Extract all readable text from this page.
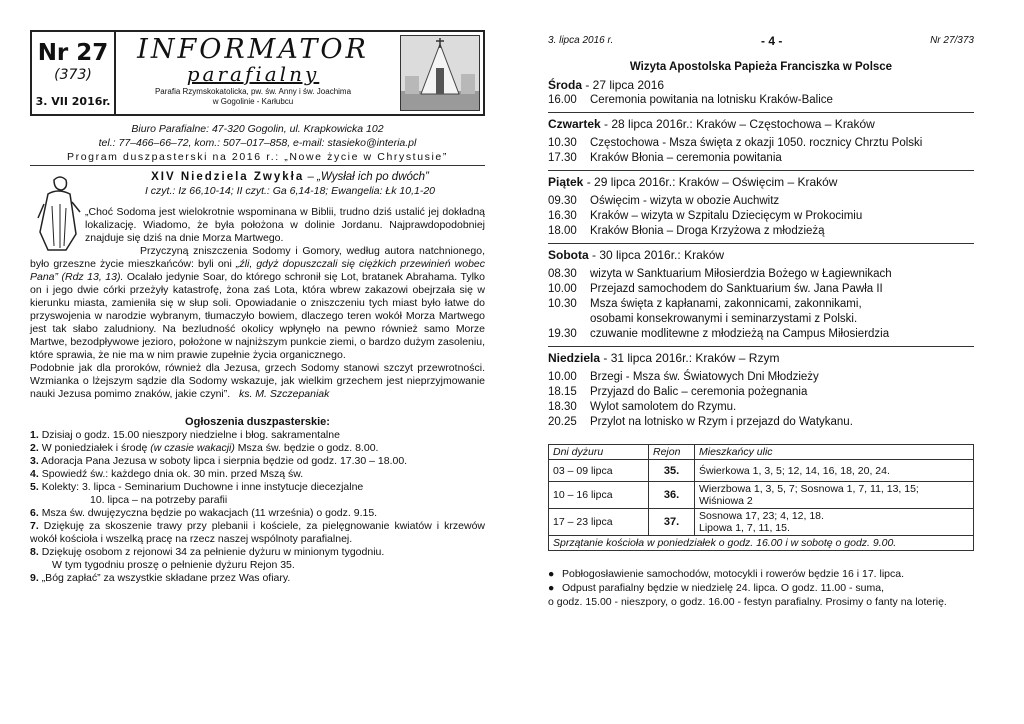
Nr 27
(373)
3. VII 2016r.
INFORMATOR
parafialny
Parafia Rzymskokatolicka, pw. św. Anny i św. Joachima
w Gogolinie - Karłubcu
Biuro Parafialne: 47-320 Gogolin, ul. Krapkowicka 102
tel.: 77–466–66–72, kom.: 507–017–858, e-mail: stasieko@interia.pl
Program duszpasterski na 2016 r.: „Nowe życie w Chrystusie”
XIV Niedziela Zwykła – „Wysłał ich po dwóch”
I czyt.: Iz 66,10-14; II czyt.: Ga 6,14-18; Ewangelia: Łk 10,1-20

„Choć Sodoma jest wielokrotnie wspominana w Biblii, trudno dziś ustalić jej dokładną lokalizację. Wiadomo, że była położona w dolinie Jordanu. Najprawdopodobniej znajduje się dziś na dnie Morza Martwego.

Przyczyną zniszczenia Sodomy i Gomory, według autora natchnionego, było grzeszne życie mieszkańców: byli oni „źli, gdyż dopuszczali się ciężkich przewinień wobec Pana” (Rdz 13, 13). Ocalało jedynie Soar, do którego schronił się Lot, bratanek Abrahama. Tylko on i jego dwie córki przeżyły katastrofę, żona zaś Lota, która wbrew zakazowi obejrzała się w kierunku miasta, zamieniła się w słup soli. Opowiadanie o zniszczeniu tych miast było łatwe do przyswojenia w narodzie wybranym, tłumaczyło bowiem, dlaczego teren wokół Morza Martwego jest tak słabo zaludniony. Na bezludność okolicy wpłynęło na pewno również samo Morze Martwe, bezodpływowe jezioro, położone w najniższym punkcie ziemi, o bardzo dużym zasoleniu, które sprawia, że nie ma w nim prawie zupełnie życia organicznego.

Podobnie jak dla proroków, również dla Jezusa, grzech Sodomy stanowi szczyt przewrotności. Wzmianka o lżejszym sądzie dla Sodomy wskazuje, jak wielkim grzechem jest nieprzyjmowanie nauki Jezusa pomimo znaków, jakie czyni”. ks. M. Szczepaniak

Ogłoszenia duszpasterskie:
1. Dzisiaj o godz. 15.00 nieszpory niedzielne i błog. sakramentalne
2. W poniedziałek i środę (w czasie wakacji) Msza św. będzie o godz. 8.00.
3. Adoracja Pana Jezusa w soboty lipca i sierpnia będzie od godz. 17.30 – 18.00.
4. Spowiedź św.: każdego dnia ok. 30 min. przed Mszą św.
5. Kolekty: 3. lipca - Seminarium Duchowne i inne instytucje diecezjalne
10. lipca – na potrzeby parafii
6. Msza św. dwujęzyczna będzie po wakacjach (11 września) o godz. 9.15.
7. Dziękuję za skoszenie trawy przy plebanii i kościele, za pielęgnowanie kwiatów i krzewów wokół kościoła i wszelką pracę na rzecz naszej wspólnoty parafialnej.
8. Dziękuję osobom z rejonowi 34 za pełnienie dyżuru w minionym tygodniu.
W tym tygodniu proszę o pełnienie dyżuru Rejon 35.
9. „Bóg zapłać” za wszystkie składane przez Was ofiary.
3. lipca 2016 r.	- 4 -	Nr 27/373
Wizyta Apostolska Papieża Franciszka w Polsce
Środa - 27 lipca 2016
16.00	Ceremonia powitania na lotnisku Kraków-Balice
Czwartek - 28 lipca 2016r.: Kraków – Częstochowa – Kraków
10.30	Częstochowa - Msza święta z okazji 1050. rocznicy Chrztu Polski
17.30	Kraków Błonia – ceremonia powitania
Piątek - 29 lipca 2016r.: Kraków – Oświęcim – Kraków
09.30	Oświęcim - wizyta w obozie Auchwitz
16.30	Kraków – wizyta w Szpitalu Dziecięcym w Prokocimiu
18.00	Kraków Błonia – Droga Krzyżowa z młodzieżą
Sobota - 30 lipca 2016r.: Kraków
08.30	wizyta w Sanktuarium Miłosierdzia Bożego w Łagiewnikach
10.00	Przejazd samochodem do Sanktuarium św. Jana Pawła II
10.30	Msza święta z kapłanami, zakonnicami, zakonnikami,
osobami konsekrowanymi i seminarzystami z Polski.
19.30	czuwanie modlitewne z młodzieżą na Campus Miłosierdzia
Niedziela - 31 lipca 2016r.: Kraków – Rzym
10.00	Brzegi - Msza św. Światowych Dni Młodzieży
18.15	Przyjazd do Balic – ceremonia pożegnania
18.30	Wylot samolotem do Rzymu.
20.25	Przylot na lotnisko w Rzym i przejazd do Watykanu.
Dni dyżuru	Rejon	Mieszkańcy ulic
03 – 09 lipca	35.	Świerkowa 1, 3, 5; 12, 14, 16, 18, 20, 24.

10 – 16 lipca	36.	Wierzbowa 1, 3, 5, 7; Sosnowa 1, 7, 11, 13, 15;
Wiśniowa 2

17 – 23 lipca	37.	Sosnowa 17, 23; 4, 12, 18.
Lipowa 1, 7, 11, 15.

Sprzątanie kościoła w poniedziałek o godz. 16.00 i w sobotę o godz. 9.00.		
● Pobłogosławienie samochodów, motocykli i rowerów będzie 16 i 17. lipca.
● Odpust parafialny będzie w niedzielę 24. lipca. O godz. 11.00 - suma,
o godz. 15.00 - nieszpory, o godz. 16.00 - festyn parafialny. Prosimy o fanty na loterię.
